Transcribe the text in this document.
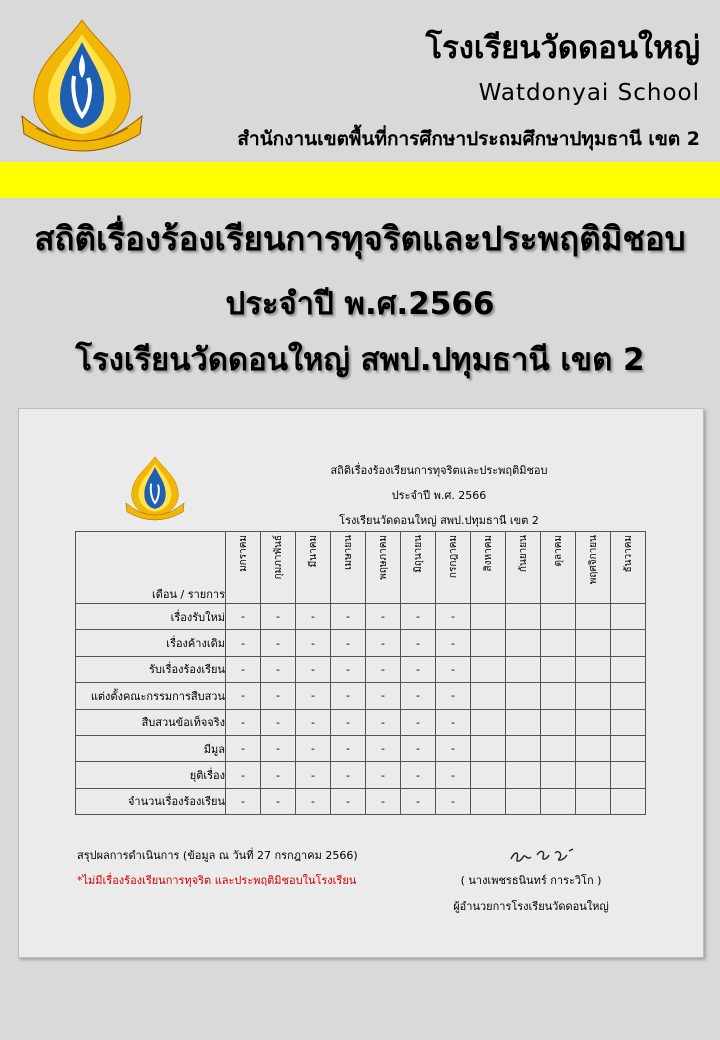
โรงเรียนวัดดอนใหญ่
Watdonyai School
สำนักงานเขตพื้นที่การศึกษาประถมศึกษาปทุมธานี เขต 2
สถิติเรื่องร้องเรียนการทุจริตและประพฤติมิชอบ
ประจำปี พ.ศ.2566
โรงเรียนวัดดอนใหญ่ สพป.ปทุมธานี เขต 2
สถิติเรื่องร้องเรียนการทุจริตและประพฤติมิชอบ
ประจำปี พ.ศ. 2566
โรงเรียนวัดดอนใหญ่ สพป.ปทุมธานี เขต 2
เดือน / รายการ	มกราคม	กุมภาพันธ์	มีนาคม	เมษายน	พฤษภาคม	มิถุนายน	กรกฎาคม	สิงหาคม	กันยายน	ตุลาคม	พฤศจิกายน	ธันวาคม
เรื่องรับใหม่	-	-	-	-	-	-	-					
เรื่องค้างเดิม	-	-	-	-	-	-	-					
รับเรื่องร้องเรียน	-	-	-	-	-	-	-					
แต่งตั้งคณะกรรมการสืบสวน	-	-	-	-	-	-	-					
สืบสวนข้อเท็จจริง	-	-	-	-	-	-	-					
มีมูล	-	-	-	-	-	-	-					
ยุติเรื่อง	-	-	-	-	-	-	-					
จำนวนเรื่องร้องเรียน	-	-	-	-	-	-	-					
สรุปผลการดำเนินการ (ข้อมูล ณ วันที่ 27 กรกฎาคม 2566)
*ไม่มีเรื่องร้องเรียนการทุจริต และประพฤติมิชอบในโรงเรียน	( นางเพชรธนินทร์ การะวิโก )
ผู้อำนวยการโรงเรียนวัดดอนใหญ่
